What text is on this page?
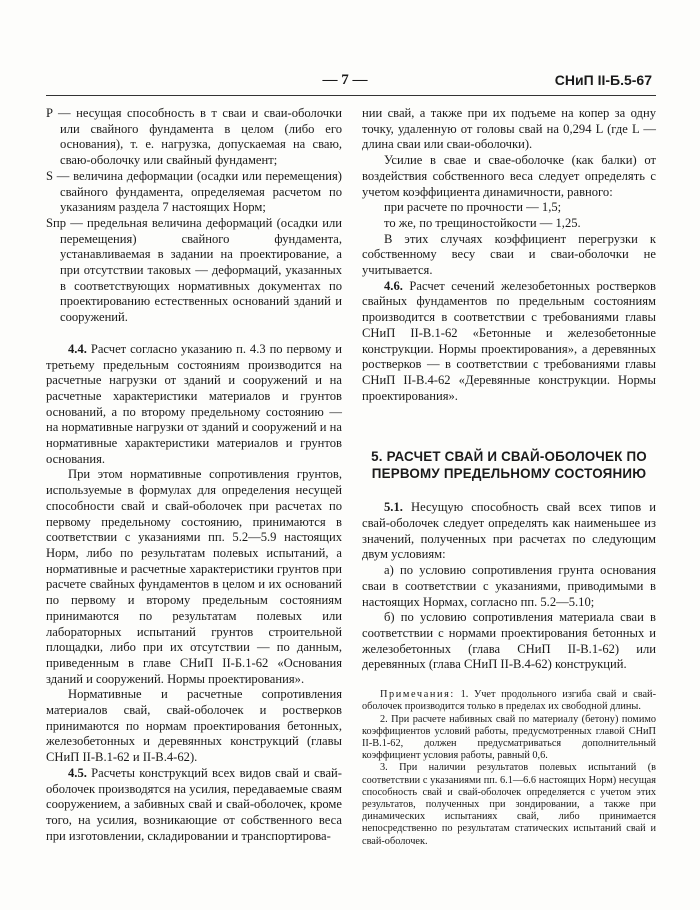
— 7 —	СНиП II-Б.5-67

P — несущая способность в т сваи и сваи-оболочки или свайного фундамента в целом (либо его основания), т. е. нагрузка, допускаемая на сваю, сваю-оболочку или свайный фундамент;

S — величина деформации (осадки или перемещения) свайного фундамента, определяемая расчетом по указаниям раздела 7 настоящих Норм;

Sпр — предельная величина деформаций (осадки или перемещения) свайного фундамента, устанавливаемая в задании на проектирование, а при отсутствии таковых — деформаций, указанных в соответствующих нормативных документах по проектированию естественных оснований зданий и сооружений.

4.4. Расчет согласно указанию п. 4.3 по первому и третьему предельным состояниям производится на расчетные нагрузки от зданий и сооружений и на расчетные характеристики материалов и грунтов оснований, а по второму предельному состоянию — на нормативные нагрузки от зданий и сооружений и на нормативные характеристики материалов и грунтов основания.

При этом нормативные сопротивления грунтов, используемые в формулах для определения несущей способности свай и свай-оболочек при расчетах по первому предельному состоянию, принимаются в соответствии с указаниями пп. 5.2—5.9 настоящих Норм, либо по результатам полевых испытаний, а нормативные и расчетные характеристики грунтов при расчете свайных фундаментов в целом и их оснований по первому и второму предельным состояниям принимаются по результатам полевых или лабораторных испытаний грунтов строительной площадки, либо при их отсутствии — по данным, приведенным в главе СНиП II-Б.1-62 «Основания зданий и сооружений. Нормы проектирования».

Нормативные и расчетные сопротивления материалов свай, свай-оболочек и ростверков принимаются по нормам проектирования бетонных, железобетонных и деревянных конструкций (главы СНиП II-В.1-62 и II-В.4-62).

4.5. Расчеты конструкций всех видов свай и свай-оболочек производятся на усилия, передаваемые сваям сооружением, а забивных свай и свай-оболочек, кроме того, на усилия, возникающие от собственного веса при изготовлении, складировании и транспортирова-

нии свай, а также при их подъеме на копер за одну точку, удаленную от головы свай на 0,294 L (где L — длина сваи или сваи-оболочки).

Усилие в свае и свае-оболочке (как балки) от воздействия собственного веса следует определять с учетом коэффициента динамичности, равного:

при расчете по прочности — 1,5;

то же, по трещиностойкости — 1,25.

В этих случаях коэффициент перегрузки к собственному весу сваи и сваи-оболочки не учитывается.

4.6. Расчет сечений железобетонных ростверков свайных фундаментов по предельным состояниям производится в соответствии с требованиями главы СНиП II-В.1-62 «Бетонные и железобетонные конструкции. Нормы проектирования», а деревянных ростверков — в соответствии с требованиями главы СНиП II-В.4-62 «Деревянные конструкции. Нормы проектирования».

5. РАСЧЕТ СВАЙ И СВАЙ-ОБОЛОЧЕК ПО ПЕРВОМУ ПРЕДЕЛЬНОМУ СОСТОЯНИЮ

5.1. Несущую способность свай всех типов и свай-оболочек следует определять как наименьшее из значений, полученных при расчетах по следующим двум условиям:

а) по условию сопротивления грунта основания сваи в соответствии с указаниями, приводимыми в настоящих Нормах, согласно пп. 5.2—5.10;

б) по условию сопротивления материала сваи в соответствии с нормами проектирования бетонных и железобетонных (глава СНиП II-В.1-62) или деревянных (глава СНиП II-В.4-62) конструкций.

Примечания: 1. Учет продольного изгиба свай и свай-оболочек производится только в пределах их свободной длины.

2. При расчете набивных свай по материалу (бетону) помимо коэффициентов условий работы, предусмотренных главой СНиП II-В.1-62, должен предусматриваться дополнительный коэффициент условия работы, равный 0,6.

3. При наличии результатов полевых испытаний (в соответствии с указаниями пп. 6.1—6.6 настоящих Норм) несущая способность свай и свай-оболочек определяется с учетом этих результатов, полученных при зондировании, а также при динамических испытаниях свай, либо принимается непосредственно по результатам статических испытаний свай и свай-оболочек.
